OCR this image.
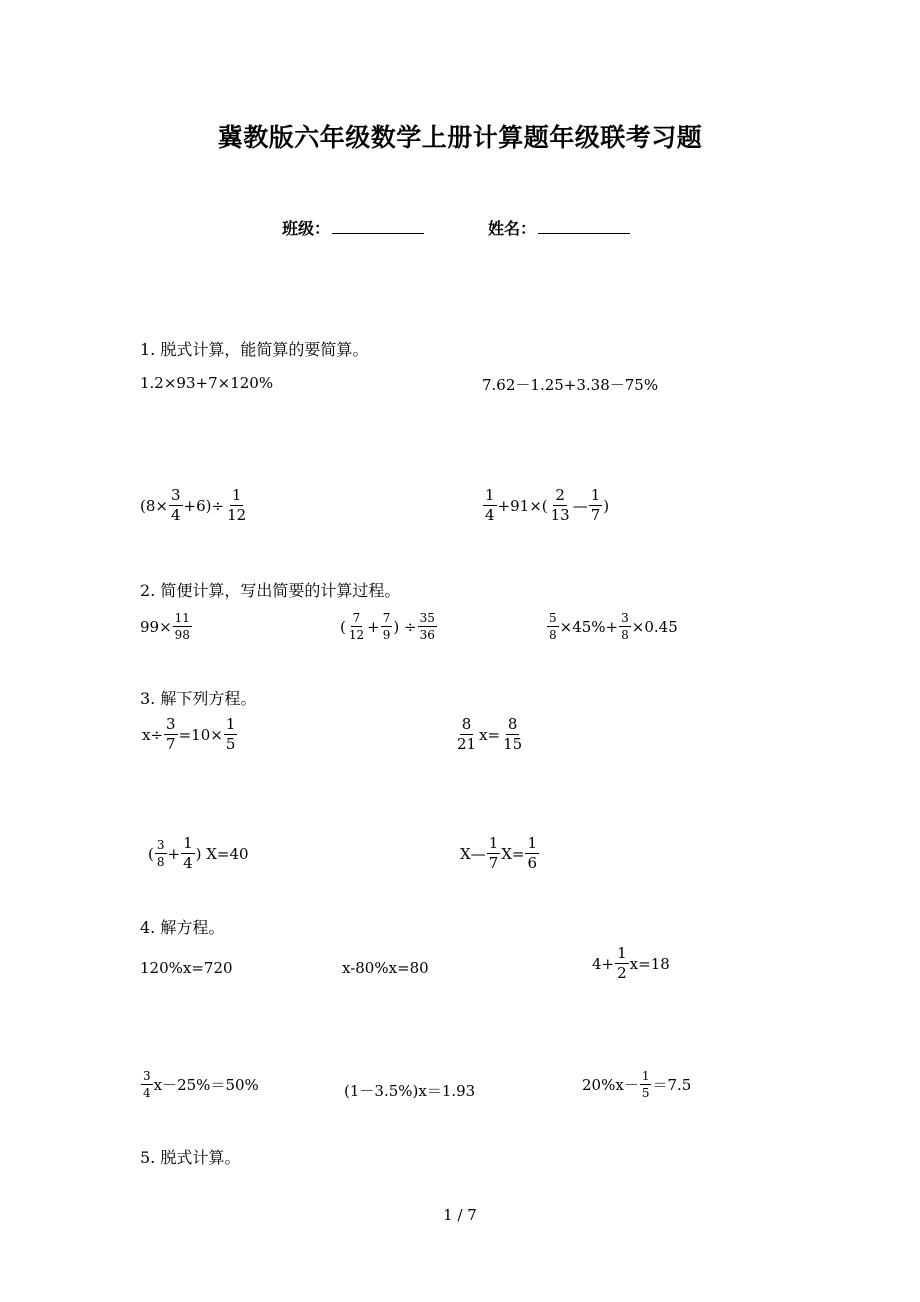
冀教版六年级数学上册计算题年级联考习题
班级：	姓名：
1. 脱式计算，能简算的要简算。
1.2×93+7×120%	7.62－1.25+3.38－75%
$(8\times \frac{3}{4} +6)\div \frac{1}{12}$	$\frac{1}{4} +91\times( \frac{2}{13}$ — $\frac{1}{7}$ )
2. 简便计算，写出简要的计算过程。
$99\times \frac{11}{98}$	( $\frac{7}{12} + \frac{7}{9}$ ) ÷ $\frac{35}{36}$	$\frac{5}{8} \times 45\%+ \frac{3}{8} \times 0.45$
3. 解下列方程。
$x\div \frac{3}{7} =10\times \frac{1}{5}$	$\frac{8}{21} x= \frac{8}{15}$
( $\frac{3}{8} + \frac{1}{4}$ ) X=40	X— $\frac{1}{7} X= \frac{1}{6}$
4. 解方程。
120%x=720	x-80%x=80	$4+ \frac{1}{2} x=18$
$\frac{3}{4} x-25\%=50\%$	(1－3.5%)x＝1.93	$20\%x- \frac{1}{5} =7.5$
5. 脱式计算。
1 / 7
